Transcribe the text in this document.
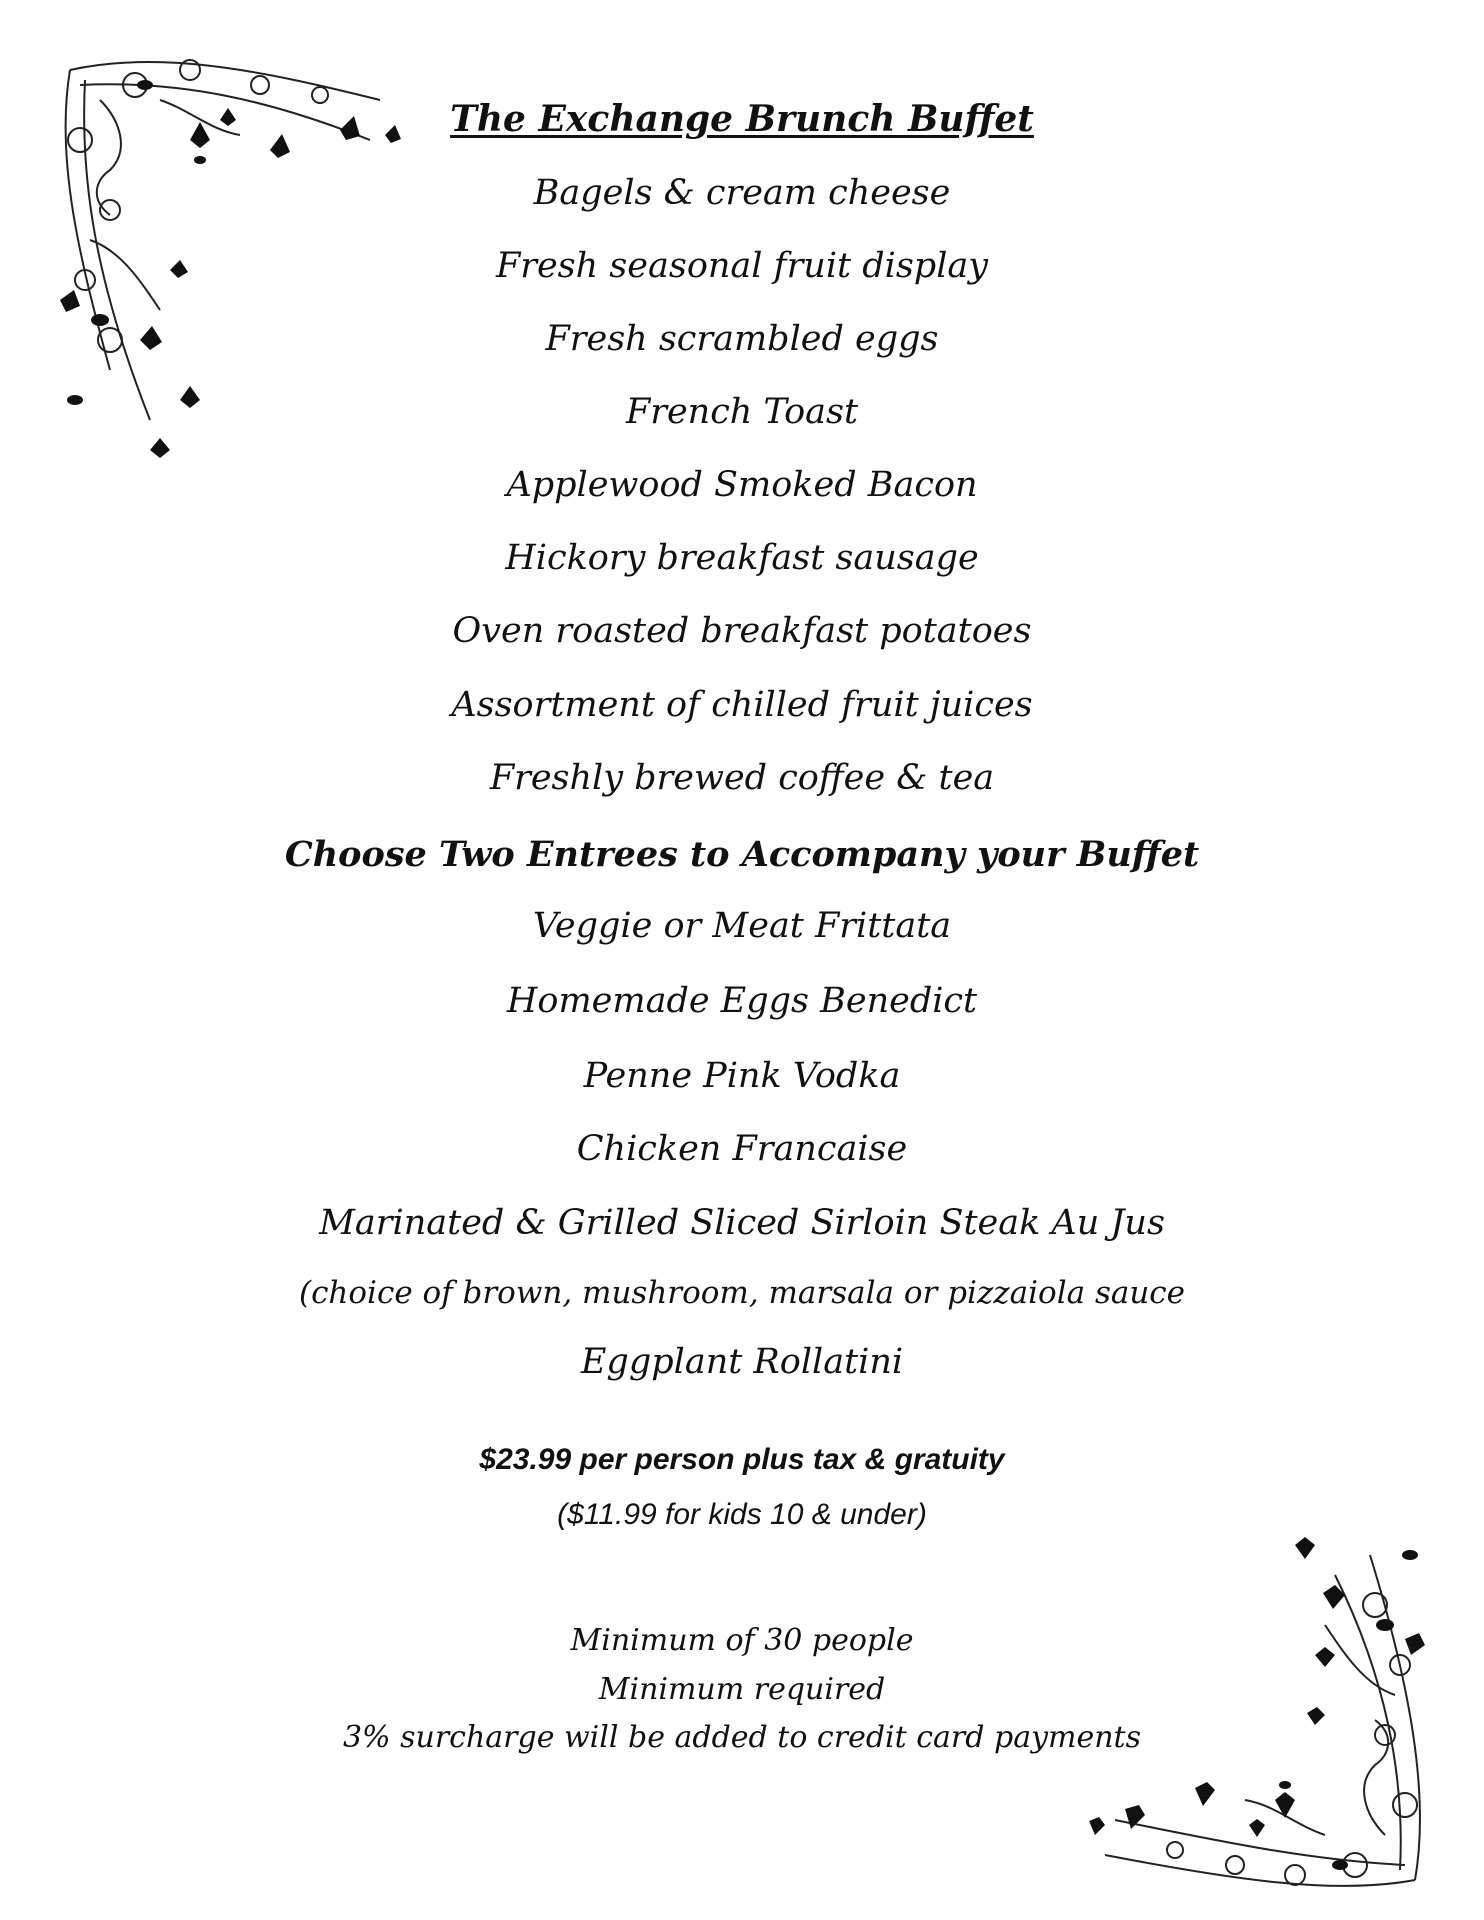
The Exchange Brunch Buffet
Bagels & cream cheese
Fresh seasonal fruit display
Fresh scrambled eggs
French Toast
Applewood Smoked Bacon
Hickory breakfast sausage
Oven roasted breakfast potatoes
Assortment of chilled fruit juices
Freshly brewed coffee & tea
Choose Two Entrees to Accompany your Buffet
Veggie or Meat Frittata
Homemade Eggs Benedict
Penne Pink Vodka
Chicken Francaise
Marinated & Grilled Sliced Sirloin Steak Au Jus
(choice of brown, mushroom, marsala or pizzaiola sauce
Eggplant Rollatini
$23.99 per person plus tax & gratuity
($11.99 for kids 10 & under)
Minimum of 30 people
Minimum required
3% surcharge will be added to credit card payments
